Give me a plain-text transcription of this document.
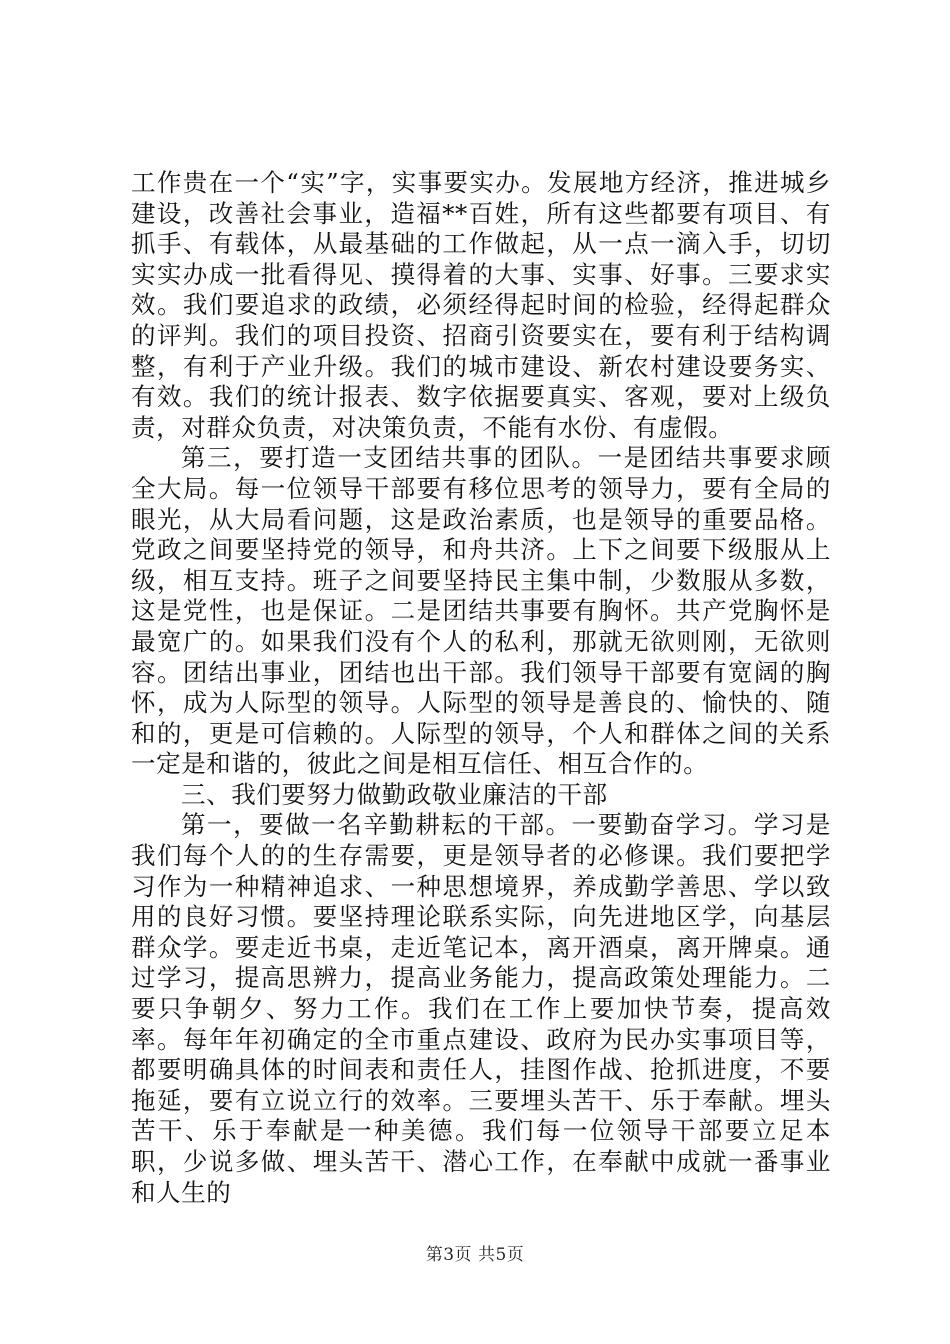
工作贵在一个“实”字，实事要实办。发展地方经济，推进城乡建设，改善社会事业，造福**百姓，所有这些都要有项目、有抓手、有载体，从最基础的工作做起，从一点一滴入手，切切实实办成一批看得见、摸得着的大事、实事、好事。三要求实效。我们要追求的政绩，必须经得起时间的检验，经得起群众的评判。我们的项目投资、招商引资要实在，要有利于结构调整，有利于产业升级。我们的城市建设、新农村建设要务实、有效。我们的统计报表、数字依据要真实、客观，要对上级负责，对群众负责，对决策负责，不能有水份、有虚假。

第三，要打造一支团结共事的团队。一是团结共事要求顾全大局。每一位领导干部要有移位思考的领导力，要有全局的眼光，从大局看问题，这是政治素质，也是领导的重要品格。党政之间要坚持党的领导，和舟共济。上下之间要下级服从上级，相互支持。班子之间要坚持民主集中制，少数服从多数，这是党性，也是保证。二是团结共事要有胸怀。共产党胸怀是最宽广的。如果我们没有个人的私利，那就无欲则刚，无欲则容。团结出事业，团结也出干部。我们领导干部要有宽阔的胸怀，成为人际型的领导。人际型的领导是善良的、愉快的、随和的，更是可信赖的。人际型的领导，个人和群体之间的关系一定是和谐的，彼此之间是相互信任、相互合作的。

三、我们要努力做勤政敬业廉洁的干部

第一，要做一名辛勤耕耘的干部。一要勤奋学习。学习是我们每个人的的生存需要，更是领导者的必修课。我们要把学习作为一种精神追求、一种思想境界，养成勤学善思、学以致用的良好习惯。要坚持理论联系实际，向先进地区学，向基层群众学。要走近书桌，走近笔记本，离开酒桌，离开牌桌。通过学习，提高思辨力，提高业务能力，提高政策处理能力。二要只争朝夕、努力工作。我们在工作上要加快节奏，提高效率。每年年初确定的全市重点建设、政府为民办实事项目等，都要明确具体的时间表和责任人，挂图作战、抢抓进度，不要拖延，要有立说立行的效率。三要埋头苦干、乐于奉献。埋头苦干、乐于奉献是一种美德。我们每一位领导干部要立足本职，少说多做、埋头苦干、潜心工作，在奉献中成就一番事业和人生的

第3页 共5页
